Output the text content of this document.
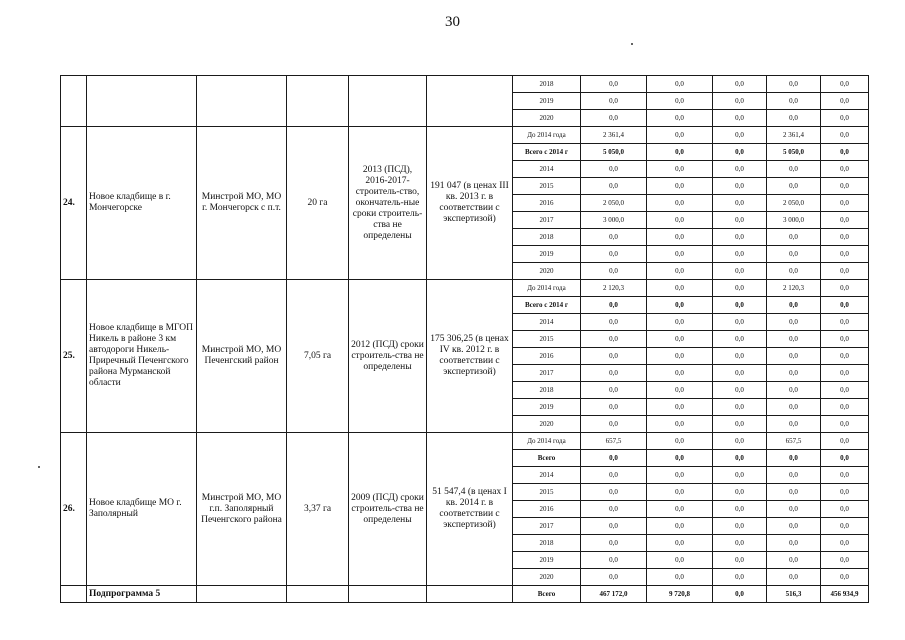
30
						2018	0,0	0,0	0,0	0,0	0,0
						2019	0,0	0,0	0,0	0,0	0,0
						2020	0,0	0,0	0,0	0,0	0,0
24.	Новое кладбище в г. Мончегорске	Минстрой МО, МО г. Мончегорск с п.т.	20 га	2013 (ПСД), 2016-2017-строитель-ство, окончатель-ные сроки строитель-ства не определены	191 047 (в ценах III кв. 2013 г. в соответствии с экспертизой)	До 2014 года	2 361,4	0,0	0,0	2 361,4	0,0
						Всего с 2014 г	5 050,0	0,0	0,0	5 050,0	0,0
						2014	0,0	0,0	0,0	0,0	0,0
						2015	0,0	0,0	0,0	0,0	0,0
						2016	2 050,0	0,0	0,0	2 050,0	0,0
						2017	3 000,0	0,0	0,0	3 000,0	0,0
						2018	0,0	0,0	0,0	0,0	0,0
						2019	0,0	0,0	0,0	0,0	0,0
						2020	0,0	0,0	0,0	0,0	0,0
25.	Новое кладбище в МГОП Никель в районе 3 км автодороги Никель-Приречный Печенгского района Мурманской области	Минстрой МО, МО Печенгский район	7,05 га	2012 (ПСД) сроки строитель-ства не определены	175 306,25 (в ценах IV кв. 2012 г. в соответствии с экспертизой)	До 2014 года	2 120,3	0,0	0,0	2 120,3	0,0
						Всего с 2014 г	0,0	0,0	0,0	0,0	0,0
						2014	0,0	0,0	0,0	0,0	0,0
						2015	0,0	0,0	0,0	0,0	0,0
						2016	0,0	0,0	0,0	0,0	0,0
						2017	0,0	0,0	0,0	0,0	0,0
						2018	0,0	0,0	0,0	0,0	0,0
						2019	0,0	0,0	0,0	0,0	0,0
						2020	0,0	0,0	0,0	0,0	0,0
26.	Новое кладбище МО г. Заполярный	Минстрой МО, МО г.п. Заполярный Печенгского района	3,37 га	2009 (ПСД) сроки строитель-ства не определены	51 547,4 (в ценах I кв. 2014 г. в соответствии с экспертизой)	До 2014 года	657,5	0,0	0,0	657,5	0,0
						Всего	0,0	0,0	0,0	0,0	0,0
						2014	0,0	0,0	0,0	0,0	0,0
						2015	0,0	0,0	0,0	0,0	0,0
						2016	0,0	0,0	0,0	0,0	0,0
						2017	0,0	0,0	0,0	0,0	0,0
						2018	0,0	0,0	0,0	0,0	0,0
						2019	0,0	0,0	0,0	0,0	0,0
						2020	0,0	0,0	0,0	0,0	0,0
	Подпрограмма 5					Всего	467 172,0	9 720,8	0,0	516,3	456 934,9
